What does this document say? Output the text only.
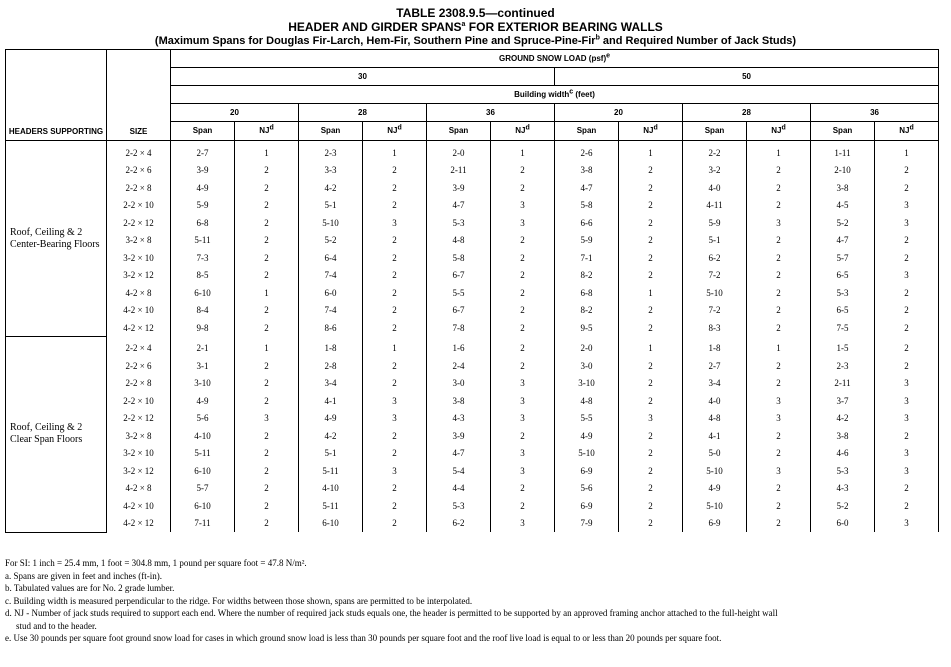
TABLE 2308.9.5—continued
HEADER AND GIRDER SPANS$^a$ FOR EXTERIOR BEARING WALLS
(Maximum Spans for Douglas Fir-Larch, Hem-Fir, Southern Pine and Spruce-Pine-Fir$^b$ and Required Number of Jack Studs)
HEADERS SUPPORTING	SIZE	GROUND SNOW LOAD (psf)$^e$
		30						50					
		Building width$^c$ (feet)											
		20		28		36		20		28		36	
		Span	$NJ^d$	Span	$NJ^d$	Span	$NJ^d$	Span	$NJ^d$	Span	$NJ^d$	Span	$NJ^d$
Roof, Ceiling & 2 Center-Bearing Floors	2-2 × 4	2-7	1	2-3	1	2-0	1	2-6	1	2-2	1	1-11	1
	2-2 × 6	3-9	2	3-3	2	2-11	2	3-8	2	3-2	2	2-10	2
	2-2 × 8	4-9	2	4-2	2	3-9	2	4-7	2	4-0	2	3-8	2
	2-2 × 10	5-9	2	5-1	2	4-7	3	5-8	2	4-11	2	4-5	3
	2-2 × 12	6-8	2	5-10	3	5-3	3	6-6	2	5-9	3	5-2	3
	3-2 × 8	5-11	2	5-2	2	4-8	2	5-9	2	5-1	2	4-7	2
	3-2 × 10	7-3	2	6-4	2	5-8	2	7-1	2	6-2	2	5-7	2
	3-2 × 12	8-5	2	7-4	2	6-7	2	8-2	2	7-2	2	6-5	3
	4-2 × 8	6-10	1	6-0	2	5-5	2	6-8	1	5-10	2	5-3	2
	4-2 × 10	8-4	2	7-4	2	6-7	2	8-2	2	7-2	2	6-5	2
	4-2 × 12	9-8	2	8-6	2	7-8	2	9-5	2	8-3	2	7-5	2
Roof, Ceiling & 2 Clear Span Floors	2-2 × 4	2-1	1	1-8	1	1-6	2	2-0	1	1-8	1	1-5	2
	2-2 × 6	3-1	2	2-8	2	2-4	2	3-0	2	2-7	2	2-3	2
	2-2 × 8	3-10	2	3-4	2	3-0	3	3-10	2	3-4	2	2-11	3
	2-2 × 10	4-9	2	4-1	3	3-8	3	4-8	2	4-0	3	3-7	3
	2-2 × 12	5-6	3	4-9	3	4-3	3	5-5	3	4-8	3	4-2	3
	3-2 × 8	4-10	2	4-2	2	3-9	2	4-9	2	4-1	2	3-8	2
	3-2 × 10	5-11	2	5-1	2	4-7	3	5-10	2	5-0	2	4-6	3
	3-2 × 12	6-10	2	5-11	3	5-4	3	6-9	2	5-10	3	5-3	3
	4-2 × 8	5-7	2	4-10	2	4-4	2	5-6	2	4-9	2	4-3	2
	4-2 × 10	6-10	2	5-11	2	5-3	2	6-9	2	5-10	2	5-2	2
	4-2 × 12	7-11	2	6-10	2	6-2	3	7-9	2	6-9	2	6-0	3
For SI: 1 inch = 25.4 mm, 1 foot = 304.8 mm, 1 pound per square foot = 47.8 N/m².
a. Spans are given in feet and inches (ft-in).
b. Tabulated values are for No. 2 grade lumber.
c. Building width is measured perpendicular to the ridge. For widths between those shown, spans are permitted to be interpolated.
d. NJ - Number of jack studs required to support each end. Where the number of required jack studs equals one, the header is permitted to be supported by an approved framing anchor attached to the full-height wall
stud and to the header.
e. Use 30 pounds per square foot ground snow load for cases in which ground snow load is less than 30 pounds per square foot and the roof live load is equal to or less than 20 pounds per square foot.
